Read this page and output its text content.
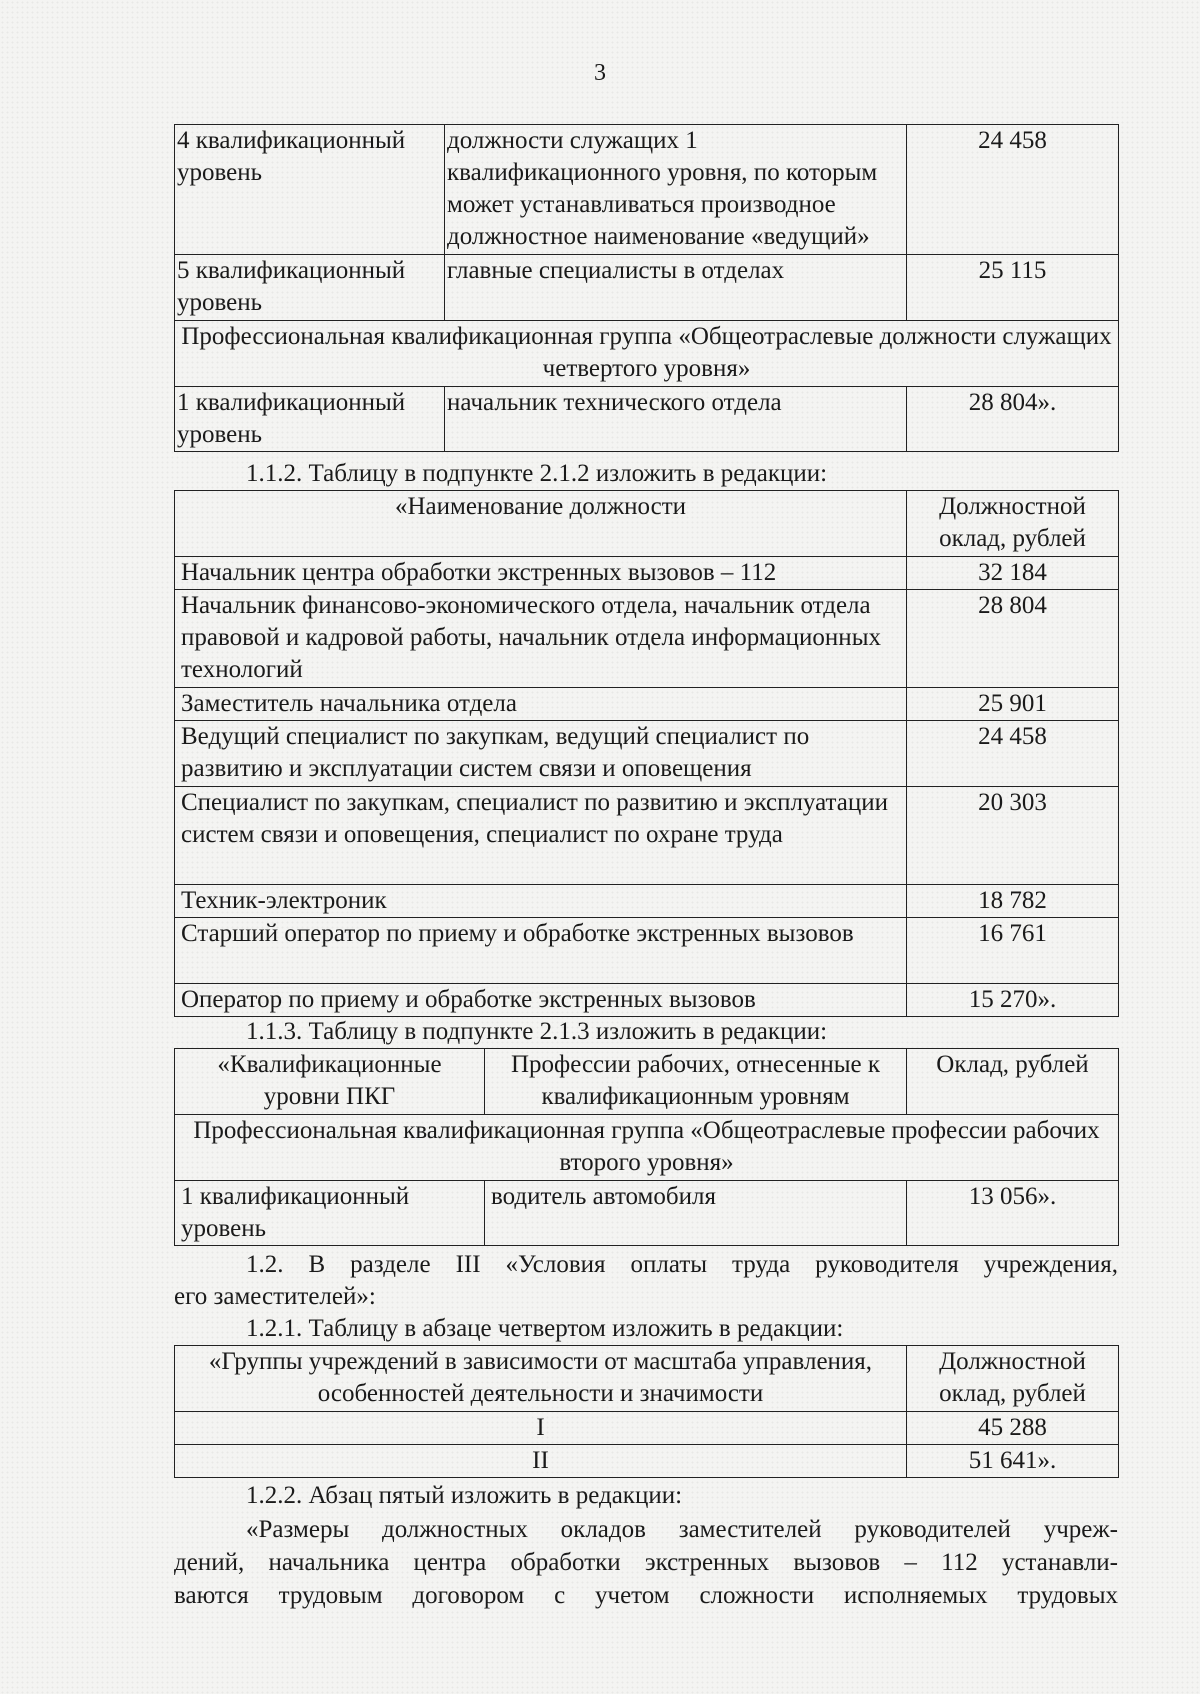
3
4 квалификационный уровень	должности служащих 1 квалификационного уровня, по которым может устанавливаться производное должностное наименование «ведущий»	24 458
5 квалификационный уровень	главные специалисты в отделах	25 115
Профессиональная квалификационная группа «Общеотраслевые должности служащих четвертого уровня»		
1 квалификационный уровень	начальник технического отдела	28 804».
1.1.2. Таблицу в подпункте 2.1.2 изложить в редакции:
«Наименование должности	Должностной оклад, рублей
Начальник центра обработки экстренных вызовов – 112	32 184
Начальник финансово-экономического отдела, начальник отдела правовой и кадровой работы, начальник отдела информационных технологий	28 804
Заместитель начальника отдела	25 901
Ведущий специалист по закупкам, ведущий специалист по развитию и эксплуатации систем связи и оповещения	24 458
Специалист по закупкам, специалист по развитию и эксплуатации систем связи и оповещения, специалист по охране труда	20 303
Техник-электроник	18 782
Старший оператор по приему и обработке экстренных вызовов	16 761
Оператор по приему и обработке экстренных вызовов	15 270».
1.1.3. Таблицу в подпункте 2.1.3 изложить в редакции:
«Квалификационные уровни ПКГ	Профессии рабочих, отнесенные к квалификационным уровням	Оклад, рублей
Профессиональная квалификационная группа «Общеотраслевые профессии рабочих второго уровня»		
1 квалификационный уровень	водитель автомобиля	13 056».
1.2. В разделе III «Условия оплаты труда руководителя учреждения,
его заместителей»:
1.2.1. Таблицу в абзаце четвертом изложить в редакции:
«Группы учреждений в зависимости от масштаба управления, особенностей деятельности и значимости	Должностной оклад, рублей
I	45 288
II	51 641».
1.2.2. Абзац пятый изложить в редакции:
«Размеры должностных окладов заместителей руководителей учреж-
дений, начальника центра обработки экстренных вызовов – 112 устанавли-
ваются трудовым договором с учетом сложности исполняемых трудовых
